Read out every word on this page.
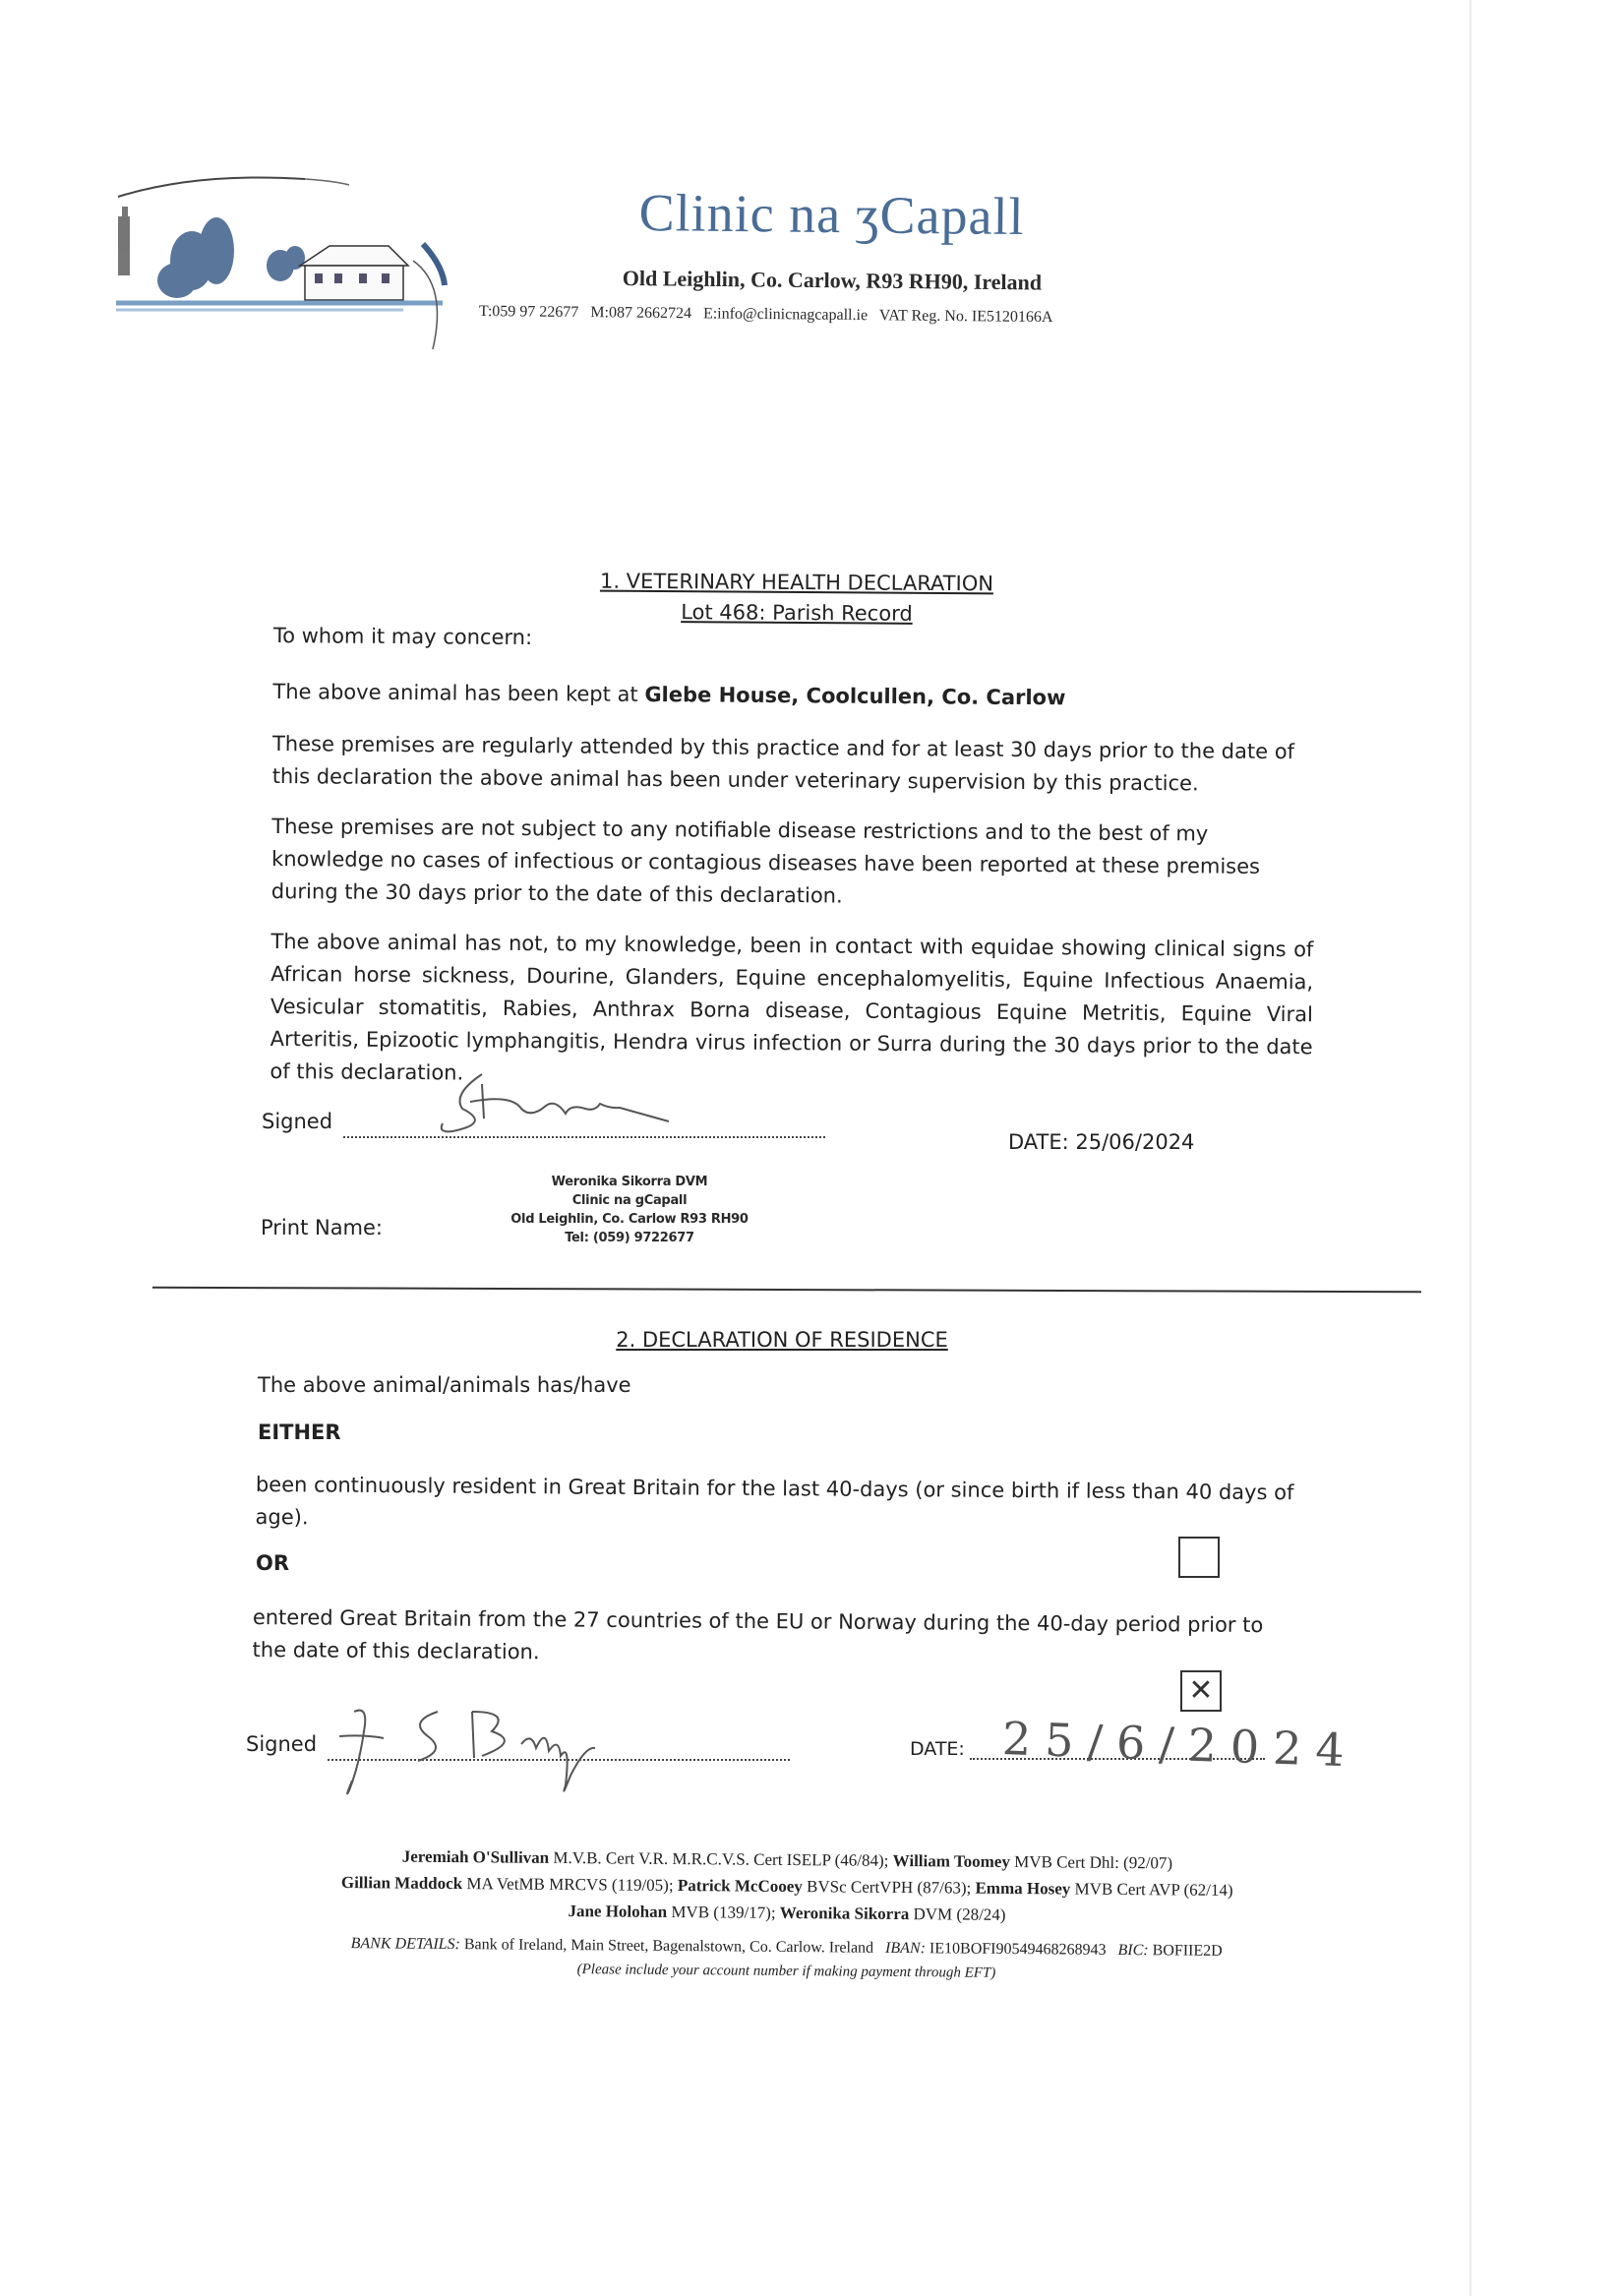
Clinic na ʒCapall
Old Leighlin, Co. Carlow, R93 RH90, Ireland
T:059 97 22677   M:087 2662724   E:info@clinicnagcapall.ie   VAT Reg. No. IE5120166A
1. VETERINARY HEALTH DECLARATION
Lot 468: Parish Record
To whom it may concern:
The above animal has been kept at Glebe House, Coolcullen, Co. Carlow
These premises are regularly attended by this practice and for at least 30 days prior to the date of this declaration the above animal has been under veterinary supervision by this practice.
These premises are not subject to any notifiable disease restrictions and to the best of my knowledge no cases of infectious or contagious diseases have been reported at these premises during the 30 days prior to the date of this declaration.
The above animal has not, to my knowledge, been in contact with equidae showing clinical signs of African horse sickness, Dourine, Glanders, Equine encephalomyelitis, Equine Infectious Anaemia, Vesicular stomatitis, Rabies, Anthrax Borna disease, Contagious Equine Metritis, Equine Viral Arteritis, Epizootic lymphangitis, Hendra virus infection or Surra during the 30 days prior to the date of this declaration.
Signed
DATE: 25/06/2024
Print Name:
Weronika Sikorra DVM
Clinic na gCapall
Old Leighlin, Co. Carlow R93 RH90
Tel: (059) 9722677
2. DECLARATION OF RESIDENCE
The above animal/animals has/have
EITHER
been continuously resident in Great Britain for the last 40-days (or since birth if less than 40 days of age).
OR
entered Great Britain from the 27 countries of the EU or Norway during the 40-day period prior to the date of this declaration.
✕
Signed	DATE: 25/6/2024
Jeremiah O'Sullivan M.V.B. Cert V.R. M.R.C.V.S. Cert ISELP (46/84); William Toomey MVB Cert Dhl: (92/07)
Gillian Maddock MA VetMB MRCVS (119/05); Patrick McCooey BVSc CertVPH (87/63); Emma Hosey MVB Cert AVP (62/14)
Jane Holohan MVB (139/17); Weronika Sikorra DVM (28/24)
BANK DETAILS: Bank of Ireland, Main Street, Bagenalstown, Co. Carlow. Ireland IBAN: IE10BOFI90549468268943 BIC: BOFIIE2D
(Please include your account number if making payment through EFT)
